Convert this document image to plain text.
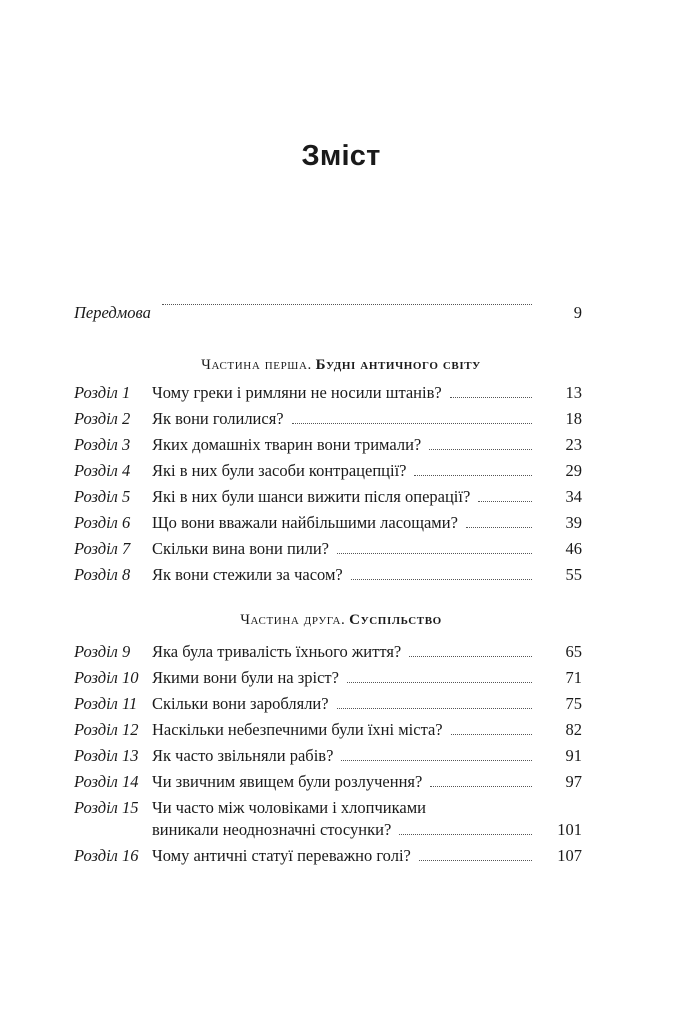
Зміст
Передмова	9
Частина перша. Будні античного світу
Розділ 1 Чому греки і римляни не носили штанів?	13
Розділ 2 Як вони голилися?	18
Розділ 3 Яких домашніх тварин вони тримали?	23
Розділ 4 Які в них були засоби контрацепції?	29
Розділ 5 Які в них були шанси вижити після операції?	34
Розділ 6 Що вони вважали найбільшими ласощами?	39
Розділ 7 Скільки вина вони пили?	46
Розділ 8 Як вони стежили за часом?	55
Частина друга. Суспільство
Розділ 9 Яка була тривалість їхнього життя?	65
Розділ 10 Якими вони були на зріст?	71
Розділ 11 Скільки вони заробляли?	75
Розділ 12 Наскільки небезпечними були їхні міста?	82
Розділ 13 Як часто звільняли рабів?	91
Розділ 14 Чи звичним явищем були розлучення?	97
Розділ 15 Чи часто між чоловіками і хлопчиками
виникали неоднозначні стосунки?	101
Розділ 16 Чому античні статуї переважно голі?	107
